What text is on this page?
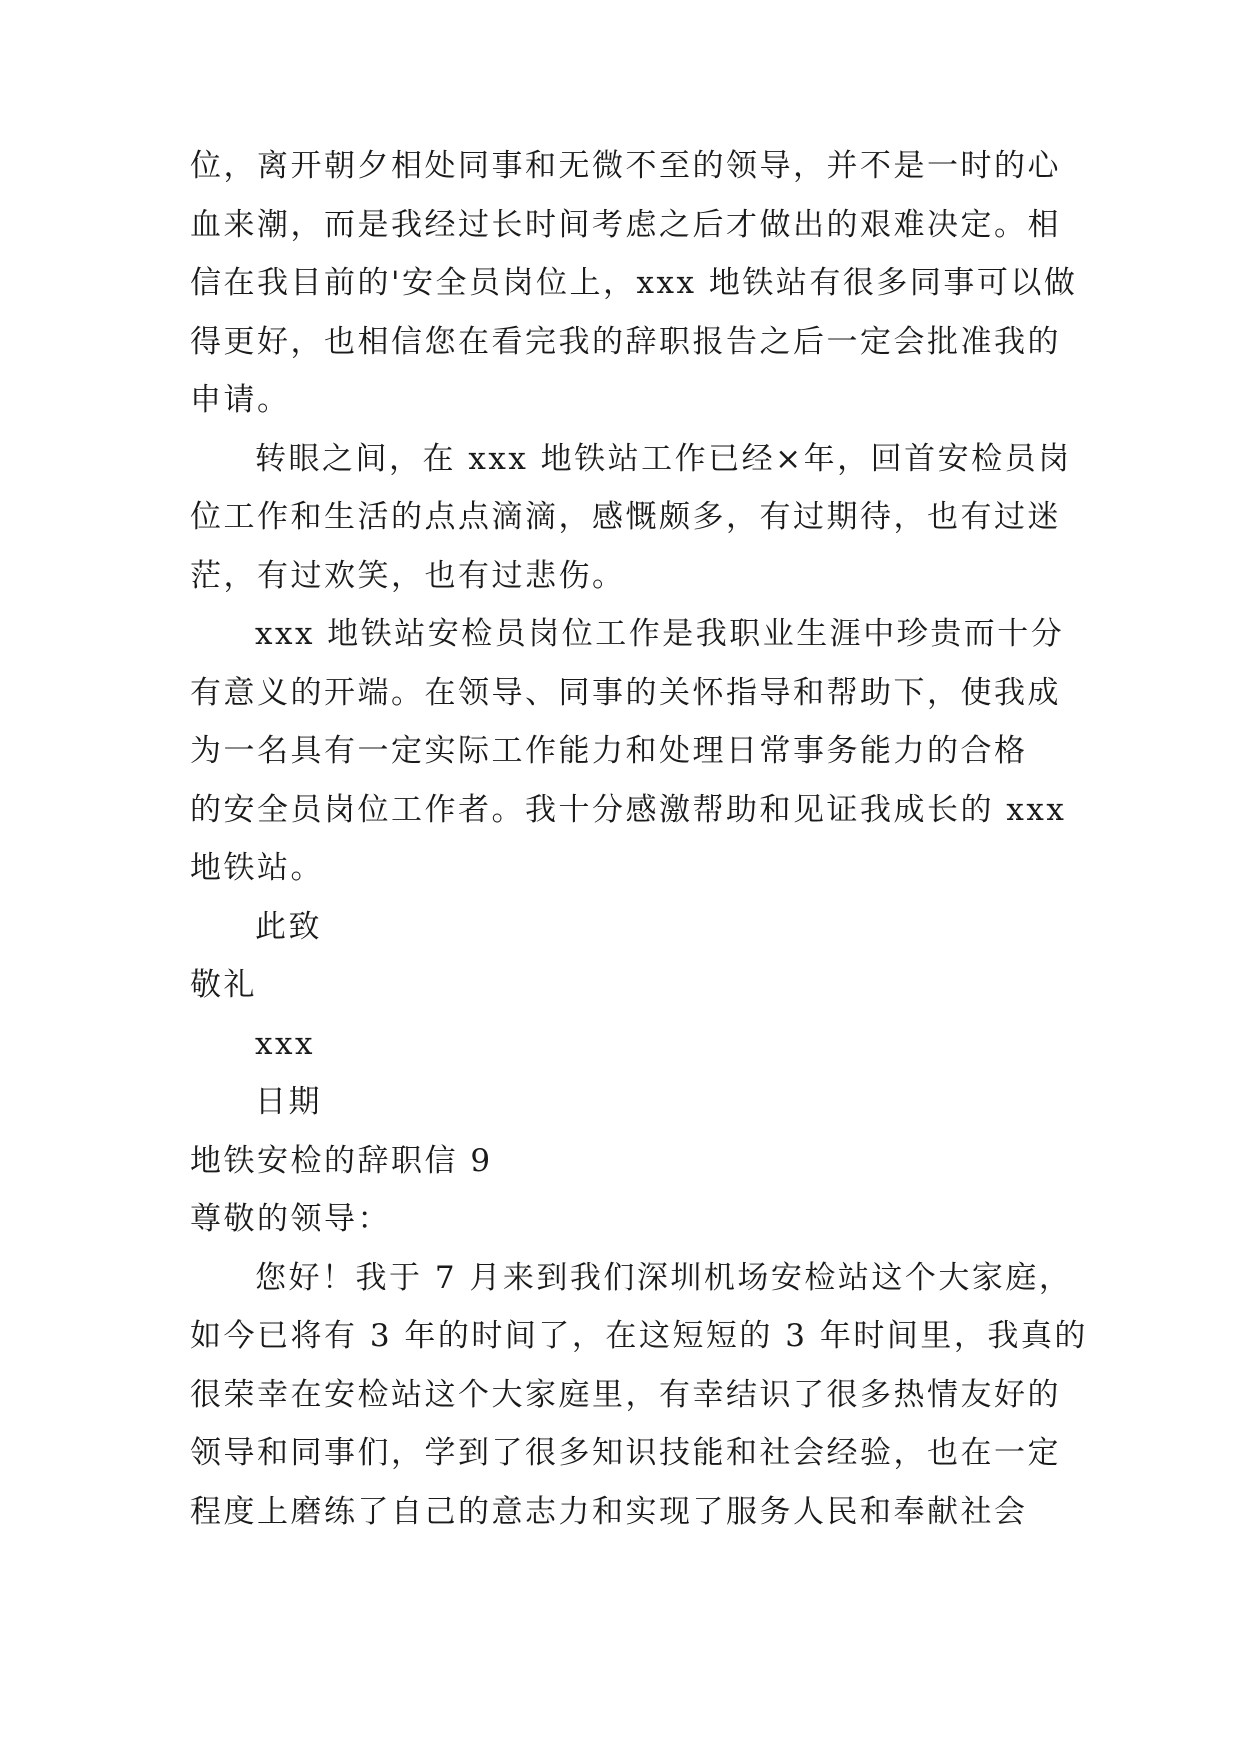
位，离开朝夕相处同事和无微不至的领导，并不是一时的心
血来潮，而是我经过长时间考虑之后才做出的艰难决定。相
信在我目前的'安全员岗位上，xxx 地铁站有很多同事可以做
得更好，也相信您在看完我的辞职报告之后一定会批准我的
申请。
转眼之间，在 xxx 地铁站工作已经×年，回首安检员岗
位工作和生活的点点滴滴，感慨颇多，有过期待，也有过迷
茫，有过欢笑，也有过悲伤。
xxx 地铁站安检员岗位工作是我职业生涯中珍贵而十分
有意义的开端。在领导、同事的关怀指导和帮助下，使我成
为一名具有一定实际工作能力和处理日常事务能力的合格
的安全员岗位工作者。我十分感激帮助和见证我成长的 xxx
地铁站。
此致
敬礼
xxx
日期
地铁安检的辞职信 9
尊敬的领导：
您好！我于 7 月来到我们深圳机场安检站这个大家庭，
如今已将有 3 年的时间了，在这短短的 3 年时间里，我真的
很荣幸在安检站这个大家庭里，有幸结识了很多热情友好的
领导和同事们，学到了很多知识技能和社会经验，也在一定
程度上磨练了自己的意志力和实现了服务人民和奉献社会
